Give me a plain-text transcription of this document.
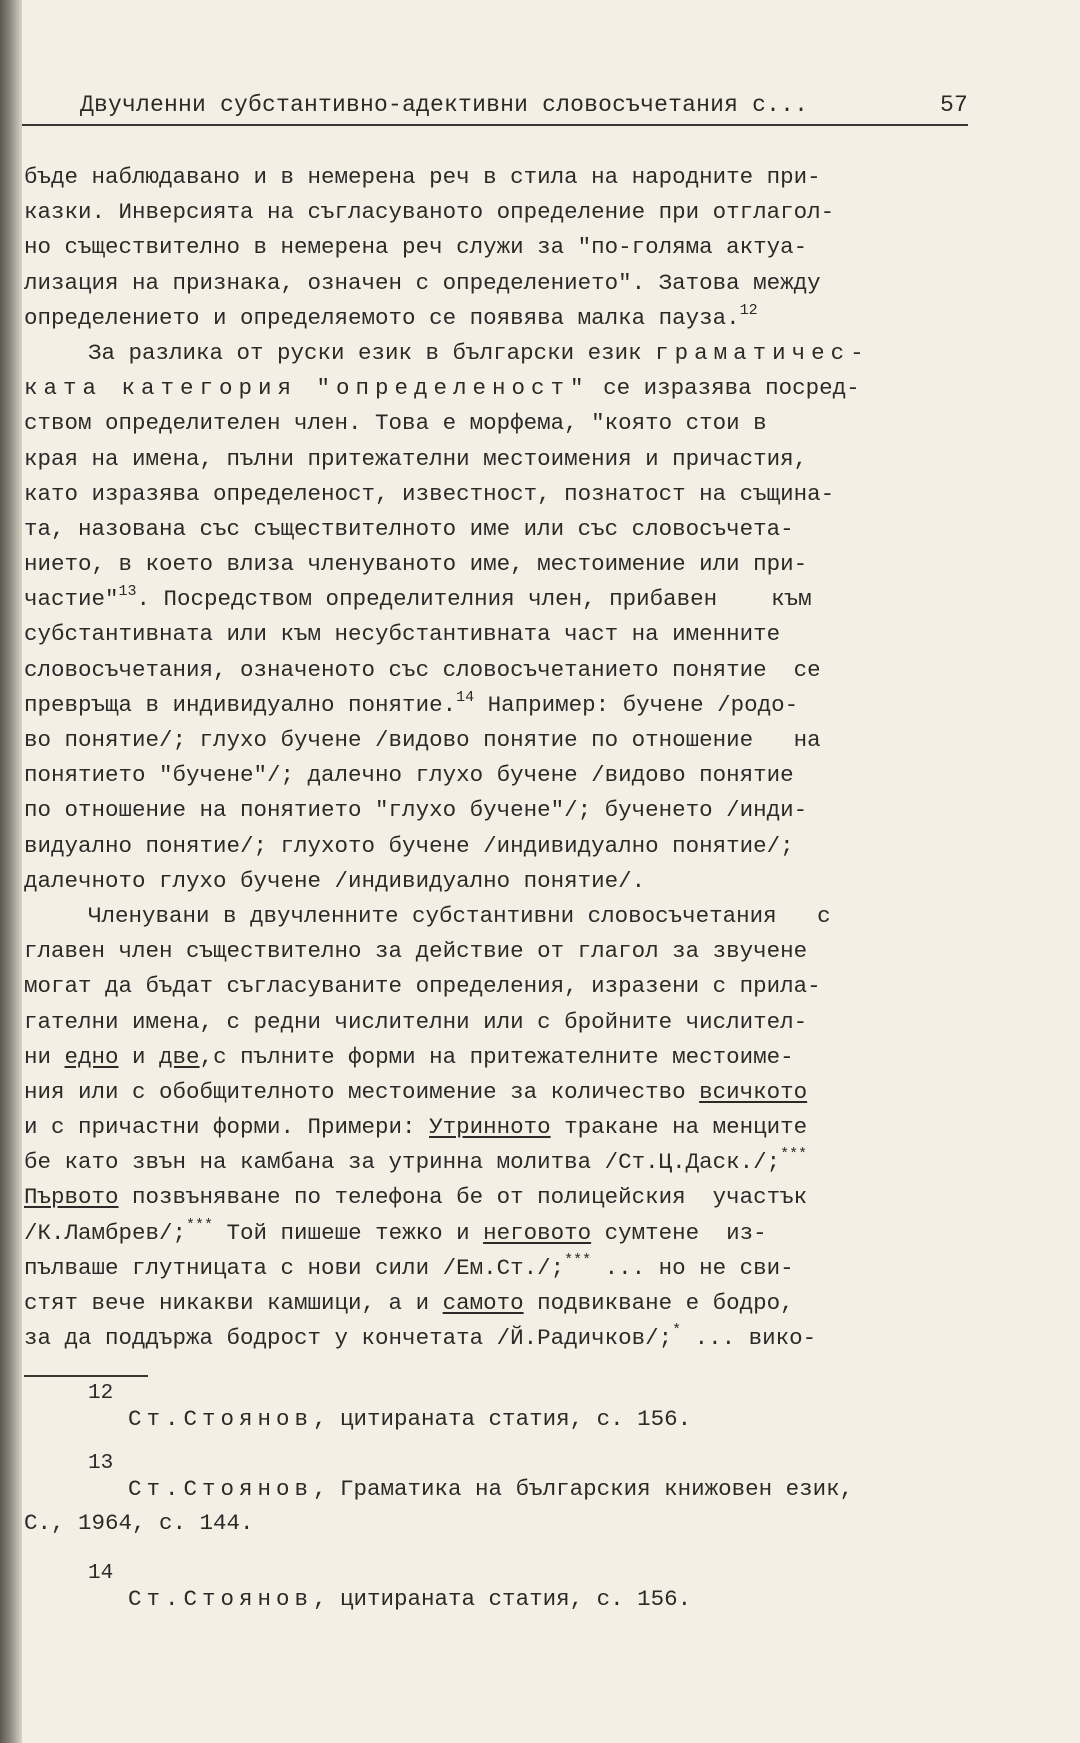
Двучленни субстантивно-адективни словосъчетания с...	57
бъде наблюдавано и в немерена реч в стила на народните при-
казки. Инверсията на съгласуваното определение при отглагол-
но съществително в немерена реч служи за "по-голяма актуа-
лизация на признака, означен с определението". Затова между
определението и определяемото се появява малка пауза.$^{12}$
За разлика от руски език в български език граматичес-
ката категория "определеност" се изразява посред-
ством определителен член. Това е морфема, "която стои в
края на имена, пълни притежателни местоимения и причастия,
като изразява определеност, известност, познатост на същина-
та, назована със съществителното име или със словосъчета-
нието, в което влиза членуваното име, местоимение или при-
частие"$^{13}$. Посредством определителния член, прибавен    към
субстантивната или към несубстантивната част на именните
словосъчетания, означеното със словосъчетанието понятие  се
превръща в индивидуално понятие.$^{14}$ Например: бучене /родо-
во понятие/; глухо бучене /видово понятие по отношение   на
понятието "бучене"/; далечно глухо бучене /видово понятие
по отношение на понятието "глухо бучене"/; бученето /инди-
видуално понятие/; глухото бучене /индивидуално понятие/;
далечното глухо бучене /индивидуално понятие/.
Членувани в двучленните субстантивни словосъчетания   с
главен член съществително за действие от глагол за звучене
могат да бъдат съгласуваните определения, изразени с прила-
гателни имена, с редни числителни или с бройните числител-
ни едно и две,с пълните форми на притежателните местоиме-
ния или с обобщителното местоимение за количество всичкото
и с причастни форми. Примери: Утринното тракане на менците
бе като звън на камбана за утринна молитва /Ст.Ц.Даск./;***
Първото позвъняване по телефона бе от полицейския  участък
/К.Ламбрев/;*** Той пишеше тежко и неговото сумтене  из-
пълваше глутницата с нови сили /Ем.Ст./;*** ... но не сви-
стят вече никакви камшици, а и самото подвикване е бодро,
за да поддържа бодрост у кончетата /Й.Радичков/;* ... вико-
12
Ст.Стоянов, цитираната статия, с. 156.
13
Ст.Стоянов, Граматика на българския книжовен език,
С., 1964, с. 144.
14
Ст.Стоянов, цитираната статия, с. 156.
